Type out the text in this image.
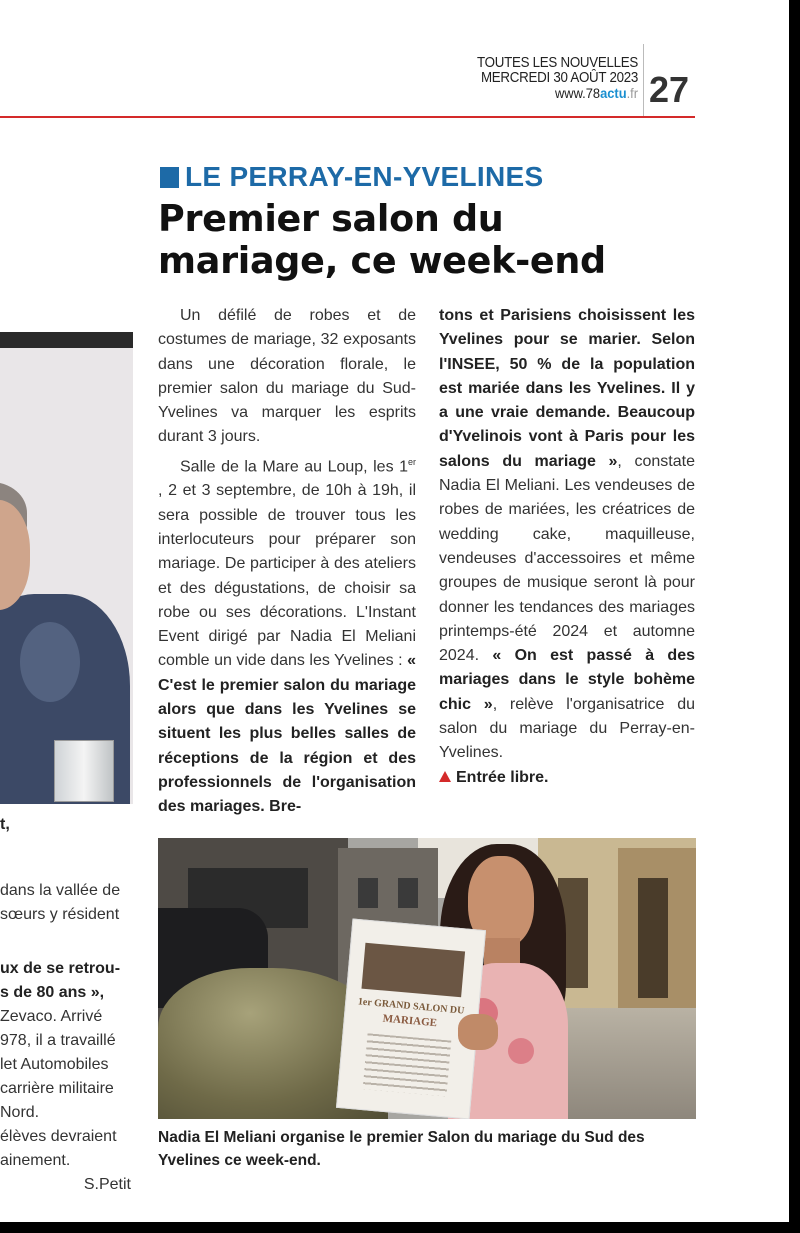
TOUTES LES NOUVELLES
MERCREDI 30 AOÛT 2023
www.78actu.fr 27
t,
dans la vallée de
sœurs y résident
ux de se retrou-
s de 80 ans »,
Zevaco. Arrivé
978, il a travaillé
let Automobiles
carrière militaire
Nord.
élèves devraient
ainement.
S.Petit
LE PERRAY-EN-YVELINES
Premier salon du
mariage, ce week-end

Un défilé de robes et de costumes de mariage, 32 exposants dans une décoration florale, le premier salon du mariage du Sud-Yvelines va marquer les esprits durant 3 jours.

Salle de la Mare au Loup, les 1er , 2 et 3 septembre, de 10h à 19h, il sera possible de trouver tous les interlocuteurs pour préparer son mariage. De participer à des ateliers et des dégustations, de choisir sa robe ou ses décorations. L'Instant Event dirigé par Nadia El Meliani comble un vide dans les Yvelines : « C'est le premier salon du mariage alors que dans les Yvelines se situent les plus belles salles de réceptions de la région et des professionnels de l'organisation des mariages. Bre-

tons et Parisiens choisissent les Yvelines pour se marier. Selon l'INSEE, 50 % de la population est mariée dans les Yvelines. Il y a une vraie demande. Beaucoup d'Yvelinois vont à Paris pour les salons du mariage », constate Nadia El Meliani. Les vendeuses de robes de mariées, les créatrices de wedding cake, maquilleuse, vendeuses d'accessoires et même groupes de musique seront là pour donner les tendances des mariages printemps-été 2024 et automne 2024. « On est passé à des mariages dans le style bohème chic », relève l'organisatrice du salon du mariage du Perray-en-Yvelines.

Entrée libre.

1er GRAND SALON DU
MARIAGE
Nadia El Meliani organise le premier Salon du mariage du Sud des Yvelines ce week-end.
